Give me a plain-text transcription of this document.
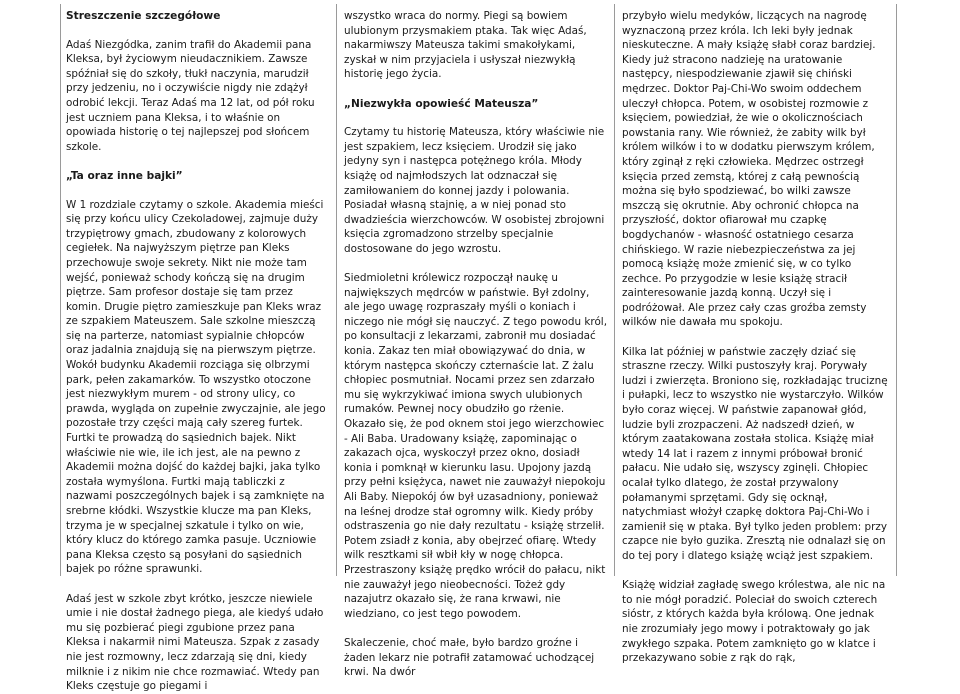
Streszczenie szczegółowe

Adaś Niezgódka, zanim trafił do Akademii pana Kleksa, był życiowym nieudacznikiem. Zawsze spóźniał się do szkoły, tłukł naczynia, marudził przy jedzeniu, no i oczywiście nigdy nie zdążył odrobić lekcji. Teraz Adaś ma 12 lat, od pół roku jest uczniem pana Kleksa, i to właśnie on opowiada historię o tej najlepszej pod słońcem szkole.

„Ta oraz inne bajki”

W 1 rozdziale czytamy o szkole. Akademia mieści się przy końcu ulicy Czekoladowej, zajmuje duży trzypiętrowy gmach, zbudowany z kolorowych cegiełek. Na najwyższym piętrze pan Kleks przechowuje swoje sekrety. Nikt nie może tam wejść, ponieważ schody kończą się na drugim piętrze. Sam profesor dostaje się tam przez komin. Drugie piętro zamieszkuje pan Kleks wraz ze szpakiem Mateuszem. Sale szkolne mieszczą się na parterze, natomiast sypialnie chłopców oraz jadalnia znajdują się na pierwszym piętrze. Wokół budynku Akademii rozciąga się olbrzymi park, pełen zakamarków. To wszystko otoczone jest niezwykłym murem - od strony ulicy, co prawda, wygląda on zupełnie zwyczajnie, ale jego pozostałe trzy części mają cały szereg furtek. Furtki te prowadzą do sąsiednich bajek. Nikt właściwie nie wie, ile ich jest, ale na pewno z Akademii można dojść do każdej bajki, jaka tylko została wymyślona. Furtki mają tabliczki z nazwami poszczególnych bajek i są zamknięte na srebrne kłódki. Wszystkie klucze ma pan Kleks, trzyma je w specjalnej szkatule i tylko on wie, który klucz do którego zamka pasuje. Uczniowie pana Kleksa często są posyłani do sąsiednich bajek po różne sprawunki.

Adaś jest w szkole zbyt krótko, jeszcze niewiele umie i nie dostał żadnego piega, ale kiedyś udało mu się pozbierać piegi zgubione przez pana Kleksa i nakarmił nimi Mateusza. Szpak z zasady nie jest rozmowny, lecz zdarzają się dni, kiedy milknie i z nikim nie chce rozmawiać. Wtedy pan Kleks częstuje go piegami i

wszystko wraca do normy. Piegi są bowiem ulubionym przysmakiem ptaka. Tak więc Adaś, nakarmiwszy Mateusza takimi smakołykami, zyskał w nim przyjaciela i usłyszał niezwykłą historię jego życia.

„Niezwykła opowieść Mateusza”

Czytamy tu historię Mateusza, który właściwie nie jest szpakiem, lecz księciem. Urodził się jako jedyny syn i następca potężnego króla. Młody książę od najmłodszych lat odznaczał się zamiłowaniem do konnej jazdy i polowania. Posiadał własną stajnię, a w niej ponad sto dwadzieścia wierzchowców. W osobistej zbrojowni księcia zgromadzono strzelby specjalnie dostosowane do jego wzrostu.

Siedmioletni królewicz rozpoczął naukę u największych mędrców w państwie. Był zdolny, ale jego uwagę rozpraszały myśli o koniach i niczego nie mógł się nauczyć. Z tego powodu król, po konsultacji z lekarzami, zabronił mu dosiadać konia. Zakaz ten miał obowiązywać do dnia, w którym następca skończy czternaście lat. Z żalu chłopiec posmutniał. Nocami przez sen zdarzało mu się wykrzykiwać imiona swych ulubionych rumaków. Pewnej nocy obudziło go rżenie. Okazało się, że pod oknem stoi jego wierzchowiec - Ali Baba. Uradowany książę, zapominając o zakazach ojca, wyskoczył przez okno, dosiadł konia i pomknął w kierunku lasu. Upojony jazdą przy pełni księżyca, nawet nie zauważył niepokoju Ali Baby. Niepokój ów był uzasadniony, ponieważ na leśnej drodze stał ogromny wilk. Kiedy próby odstraszenia go nie dały rezultatu - książę strzelił. Potem zsiadł z konia, aby obejrzeć ofiarę. Wtedy wilk resztkami sił wbił kły w nogę chłopca. Przestraszony książę prędko wrócił do pałacu, nikt nie zauważył jego nieobecności. Tożeż gdy nazajutrz okazało się, że rana krwawi, nie wiedziano, co jest tego powodem.

Skaleczenie, choć małe, było bardzo groźne i żaden lekarz nie potrafił zatamować uchodzącej krwi. Na dwór

przybyło wielu medyków, liczących na nagrodę wyznaczoną przez króla. Ich leki były jednak nieskuteczne. A mały książę słabł coraz bardziej. Kiedy już stracono nadzieję na uratowanie następcy, niespodziewanie zjawił się chiński mędrzec. Doktor Paj-Chi-Wo swoim oddechem uleczył chłopca. Potem, w osobistej rozmowie z księciem, powiedział, że wie o okolicznościach powstania rany. Wie również, że zabity wilk był królem wilków i to w dodatku pierwszym królem, który zginął z ręki człowieka. Mędrzec ostrzegł księcia przed zemstą, której z całą pewnością można się było spodziewać, bo wilki zawsze mszczą się okrutnie. Aby ochronić chłopca na przyszłość, doktor ofiarował mu czapkę bogdychanów - własność ostatniego cesarza chińskiego. W razie niebezpieczeństwa za jej pomocą książę może zmienić się, w co tylko zechce. Po przygodzie w lesie książę stracił zainteresowanie jazdą konną. Uczył się i podróżował. Ale przez cały czas groźba zemsty wilków nie dawała mu spokoju.

Kilka lat później w państwie zaczęły dziać się straszne rzeczy. Wilki pustoszyły kraj. Porywały ludzi i zwierzęta. Broniono się, rozkładając truciznę i pułapki, lecz to wszystko nie wystarczyło. Wilków było coraz więcej. W państwie zapanował głód, ludzie byli zrozpaczeni. Aż nadszedł dzień, w którym zaatakowana została stolica. Książę miał wtedy 14 lat i razem z innymi próbował bronić pałacu. Nie udało się, wszyscy zginęli. Chłopiec ocalał tylko dlatego, że został przywalony połamanymi sprzętami. Gdy się ocknął, natychmiast włożył czapkę doktora Paj-Chi-Wo i zamienił się w ptaka. Był tylko jeden problem: przy czapce nie było guzika. Zresztą nie odnalazł się on do tej pory i dlatego książę wciąż jest szpakiem.

Książę widział zagładę swego królestwa, ale nic na to nie mógł poradzić. Poleciał do swoich czterech sióstr, z których każda była królową. One jednak nie zrozumiały jego mowy i potraktowały go jak zwykłego szpaka. Potem zamknięto go w klatce i przekazywano sobie z rąk do rąk,
